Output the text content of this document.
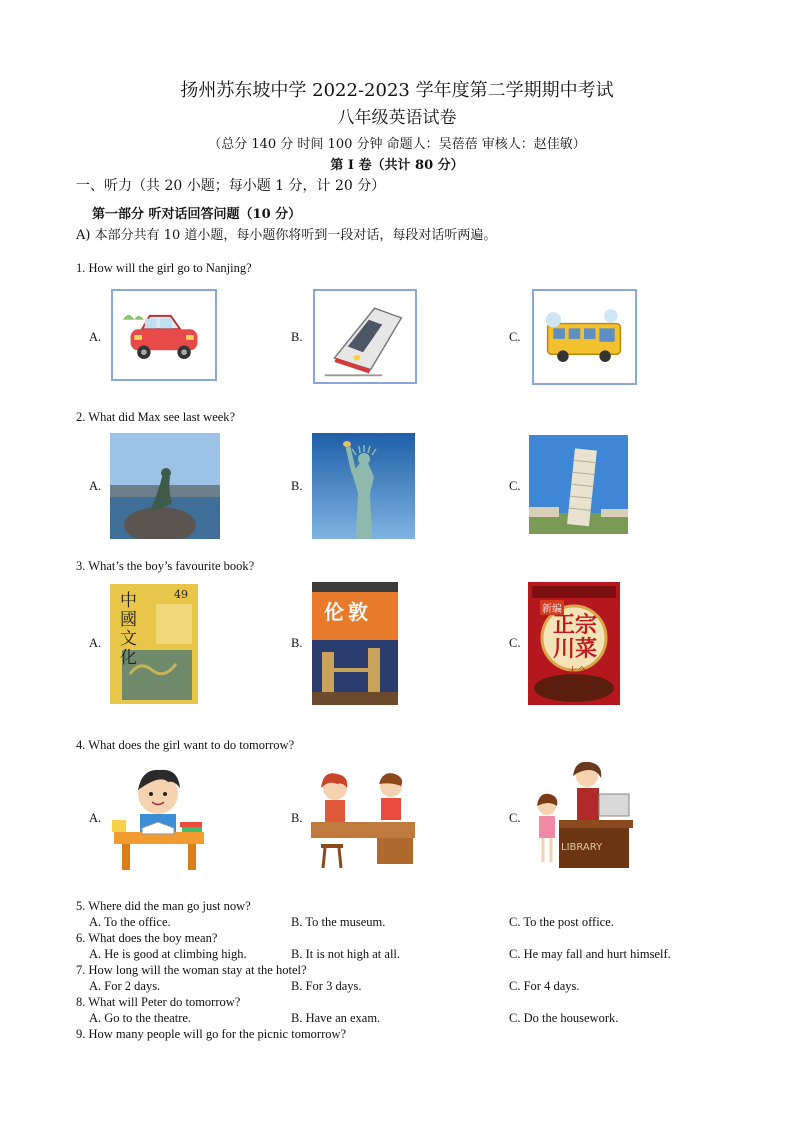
扬州苏东坡中学 2022-2023 学年度第二学期期中考试
八年级英语试卷
（总分 140 分 时间 100 分钟 命题人：吴蓓蓓 审核人：赵佳敏）
第 I 卷（共计 80 分）
一、听力（共 20 小题；每小题 1 分，计 20 分）
第一部分 听对话回答问题（10 分）
A) 本部分共有 10 道小题，每小题你将听到一段对话，每段对话听两遍。
1. How will the girl go to Nanjing?
A.	B.	C.
2. What did Max see last week?
A.	B.	C.
3. What’s the boy’s favourite book?
A.	B.	C.
中國文化
49
伦敦	新编
正宗川菜
大全
4. What does the girl want to do tomorrow?
A.	B.	C.
LIBRARY
5. Where did the man go just now?
A. To the office.	B. To the museum.	C. To the post office.
6. What does the boy mean?
A. He is good at climbing high.	B. It is not high at all.	C. He may fall and hurt himself.
7. How long will the woman stay at the hotel?
A. For 2 days.	B. For 3 days.	C. For 4 days.
8. What will Peter do tomorrow?
A. Go to the theatre.	B. Have an exam.	C. Do the housework.
9. How many people will go for the picnic tomorrow?
